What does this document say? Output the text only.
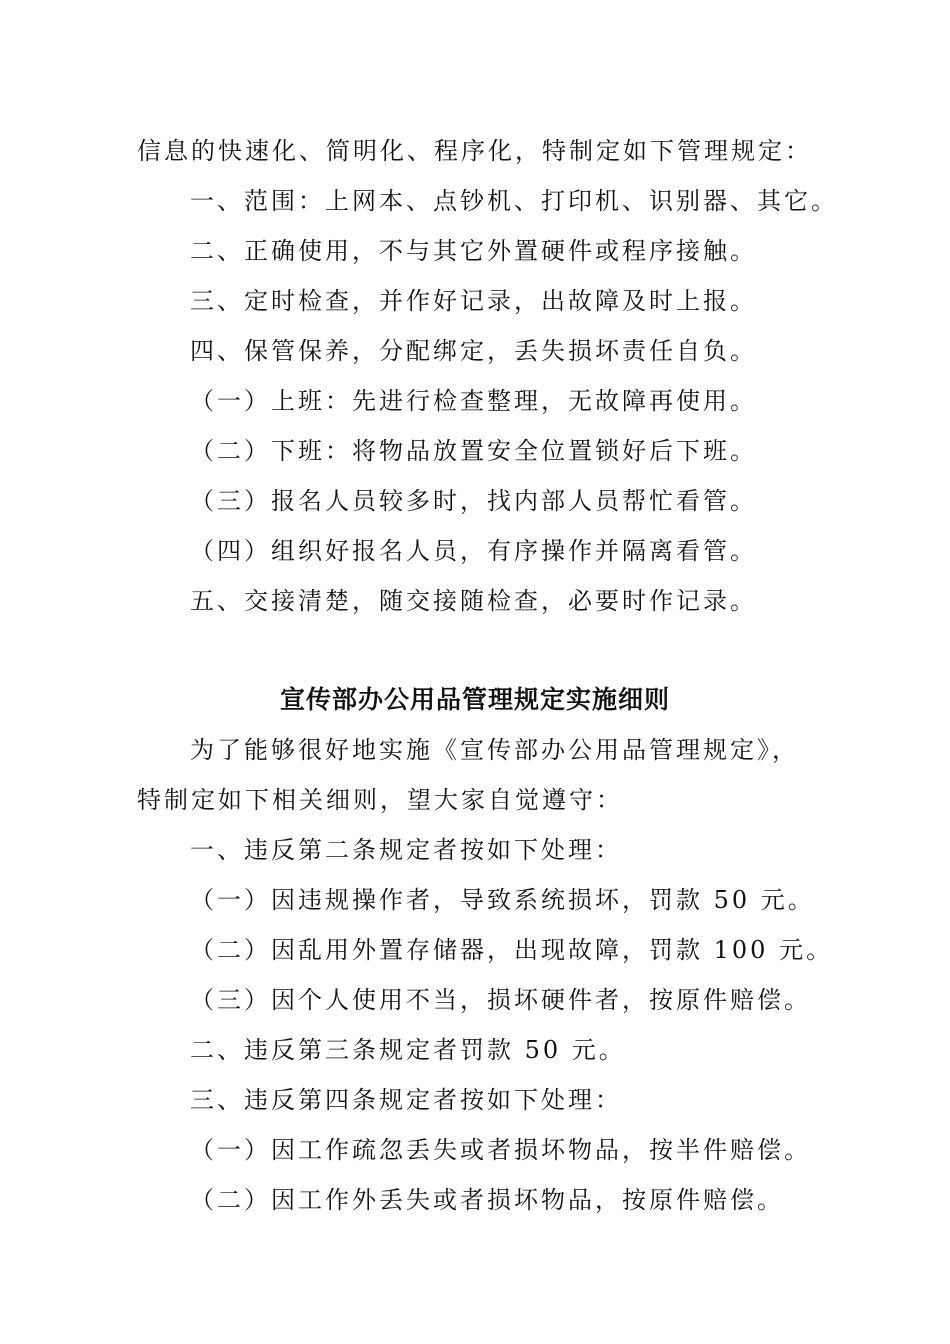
信息的快速化、简明化、程序化，特制定如下管理规定：
一、范围：上网本、点钞机、打印机、识别器、其它。
二、正确使用，不与其它外置硬件或程序接触。
三、定时检查，并作好记录，出故障及时上报。
四、保管保养，分配绑定，丢失损坏责任自负。
（一）上班：先进行检查整理，无故障再使用。
（二）下班：将物品放置安全位置锁好后下班。
（三）报名人员较多时，找内部人员帮忙看管。
（四）组织好报名人员，有序操作并隔离看管。
五、交接清楚，随交接随检查，必要时作记录。
宣传部办公用品管理规定实施细则
为了能够很好地实施《宣传部办公用品管理规定》，
特制定如下相关细则，望大家自觉遵守：
一、违反第二条规定者按如下处理：
（一）因违规操作者，导致系统损坏，罚款 50 元。
（二）因乱用外置存储器，出现故障，罚款 100 元。
（三）因个人使用不当，损坏硬件者，按原件赔偿。
二、违反第三条规定者罚款 50 元。
三、违反第四条规定者按如下处理：
（一）因工作疏忽丢失或者损坏物品，按半件赔偿。
（二）因工作外丢失或者损坏物品，按原件赔偿。
